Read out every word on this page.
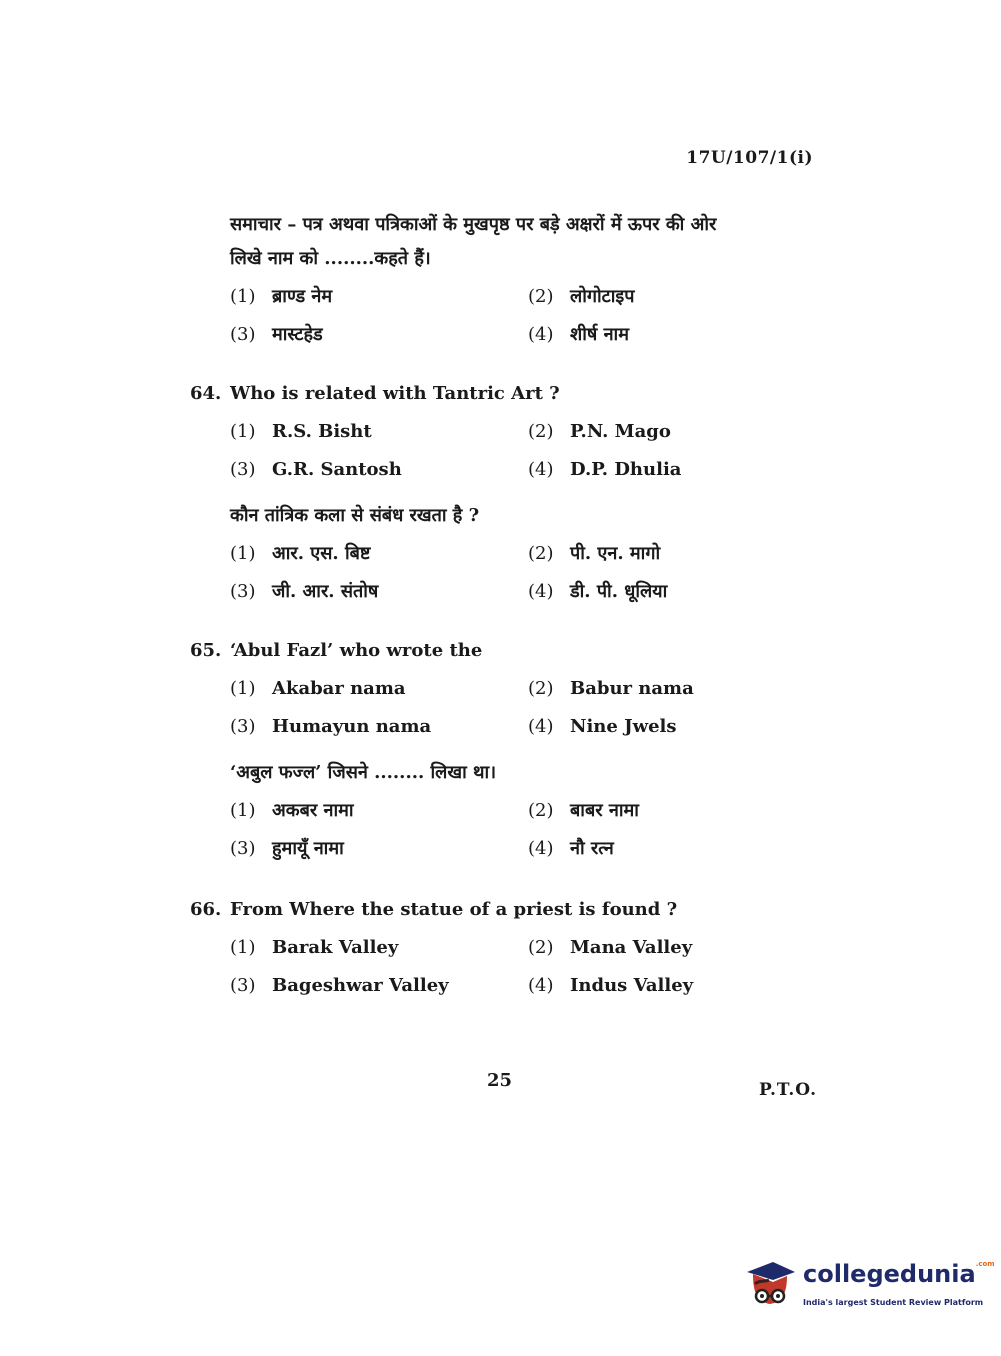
17U/107/1(i)
समाचार – पत्र अथवा पत्रिकाओं के मुखपृष्ठ पर बड़े अक्षरों में ऊपर की ओर
लिखे नाम को ........कहते हैं।
(1) ब्राण्ड नेम	(2) लोगोटाइप
(3) मास्टहेड	(4) शीर्ष नाम
64. Who is related with Tantric Art ?
(1) R.S. Bisht	(2) P.N. Mago
(3) G.R. Santosh	(4) D.P. Dhulia
कौन तांत्रिक कला से संबंध रखता है ?
(1) आर. एस. बिष्ट	(2) पी. एन. मागो
(3) जी. आर. संतोष	(4) डी. पी. धूलिया
65. ‘Abul Fazl’ who wrote the
(1) Akabar nama	(2) Babur nama
(3) Humayun nama	(4) Nine Jwels
‘अबुल फज्ल’ जिसने ........ लिखा था।
(1) अकबर नामा	(2) बाबर नामा
(3) हुमायूँ नामा	(4) नौ रत्न
66. From Where the statue of a priest is found ?
(1) Barak Valley	(2) Mana Valley
(3) Bageshwar Valley	(4) Indus Valley
25	P.T.O.
collegedunia$^{.com}$
India's largest Student Review Platform
